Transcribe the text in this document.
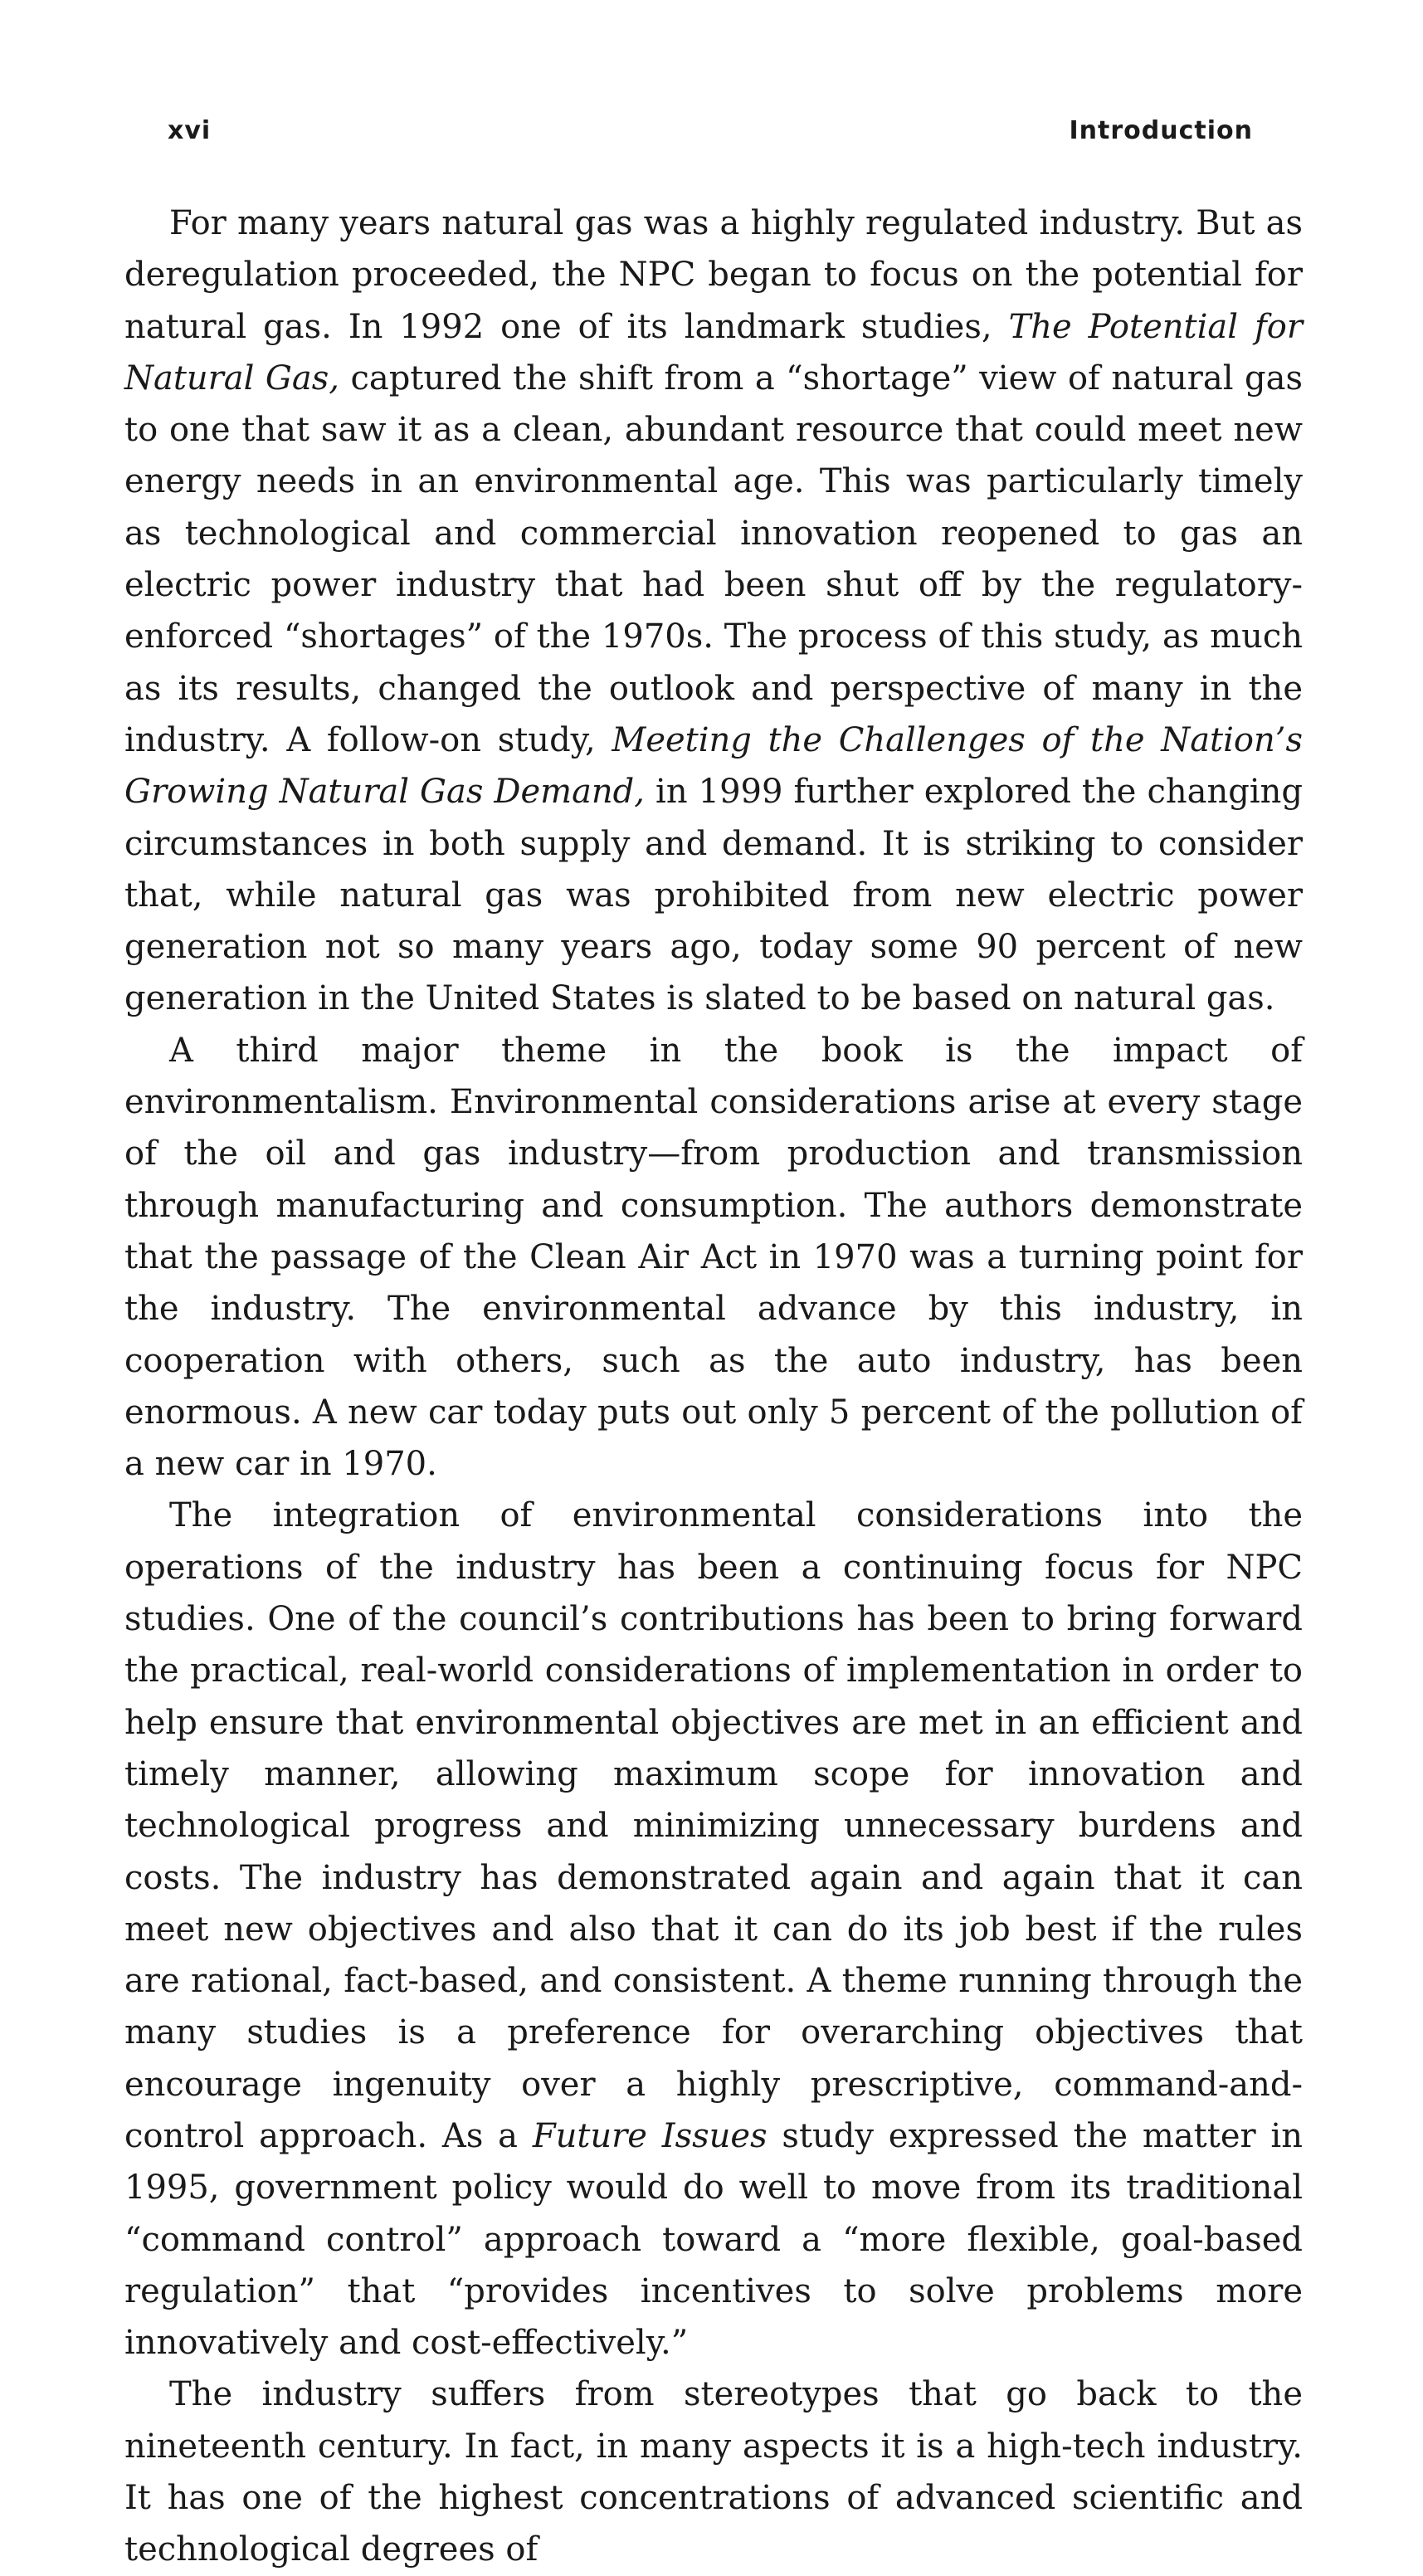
xvi	Introduction

For many years natural gas was a highly regulated industry. But as deregulation proceeded, the NPC began to focus on the potential for natural gas. In 1992 one of its landmark studies, The Potential for Natural Gas, captured the shift from a “shortage” view of natural gas to one that saw it as a clean, abundant resource that could meet new energy needs in an environmental age. This was particularly timely as technological and commercial innovation reopened to gas an electric power industry that had been shut off by the regulatory-enforced “shortages” of the 1970s. The process of this study, as much as its results, changed the outlook and perspective of many in the industry. A follow-on study, Meeting the Challenges of the Nation’s Growing Natural Gas Demand, in 1999 further explored the changing circumstances in both supply and demand. It is striking to consider that, while natural gas was prohibited from new electric power generation not so many years ago, today some 90 percent of new generation in the United States is slated to be based on natural gas.

A third major theme in the book is the impact of environmentalism. Environmental considerations arise at every stage of the oil and gas industry—from production and transmission through manufacturing and consumption. The authors demonstrate that the passage of the Clean Air Act in 1970 was a turning point for the industry. The environmental advance by this industry, in cooperation with others, such as the auto industry, has been enormous. A new car today puts out only 5 percent of the pollution of a new car in 1970.

The integration of environmental considerations into the operations of the industry has been a continuing focus for NPC studies. One of the council’s contributions has been to bring forward the practical, real-world considerations of implementation in order to help ensure that environmental objectives are met in an efficient and timely manner, allowing maximum scope for innovation and technological progress and minimizing unnecessary burdens and costs. The industry has demonstrated again and again that it can meet new objectives and also that it can do its job best if the rules are rational, fact-based, and consistent. A theme running through the many studies is a preference for overarching objectives that encourage ingenuity over a highly prescriptive, command-and-control approach. As a Future Issues study expressed the matter in 1995, government policy would do well to move from its traditional “command control” approach toward a “more flexible, goal-based regulation” that “provides incentives to solve problems more innovatively and cost-effectively.”

The industry suffers from stereotypes that go back to the nineteenth century. In fact, in many aspects it is a high-tech industry. It has one of the highest concentrations of advanced scientific and technological degrees of
